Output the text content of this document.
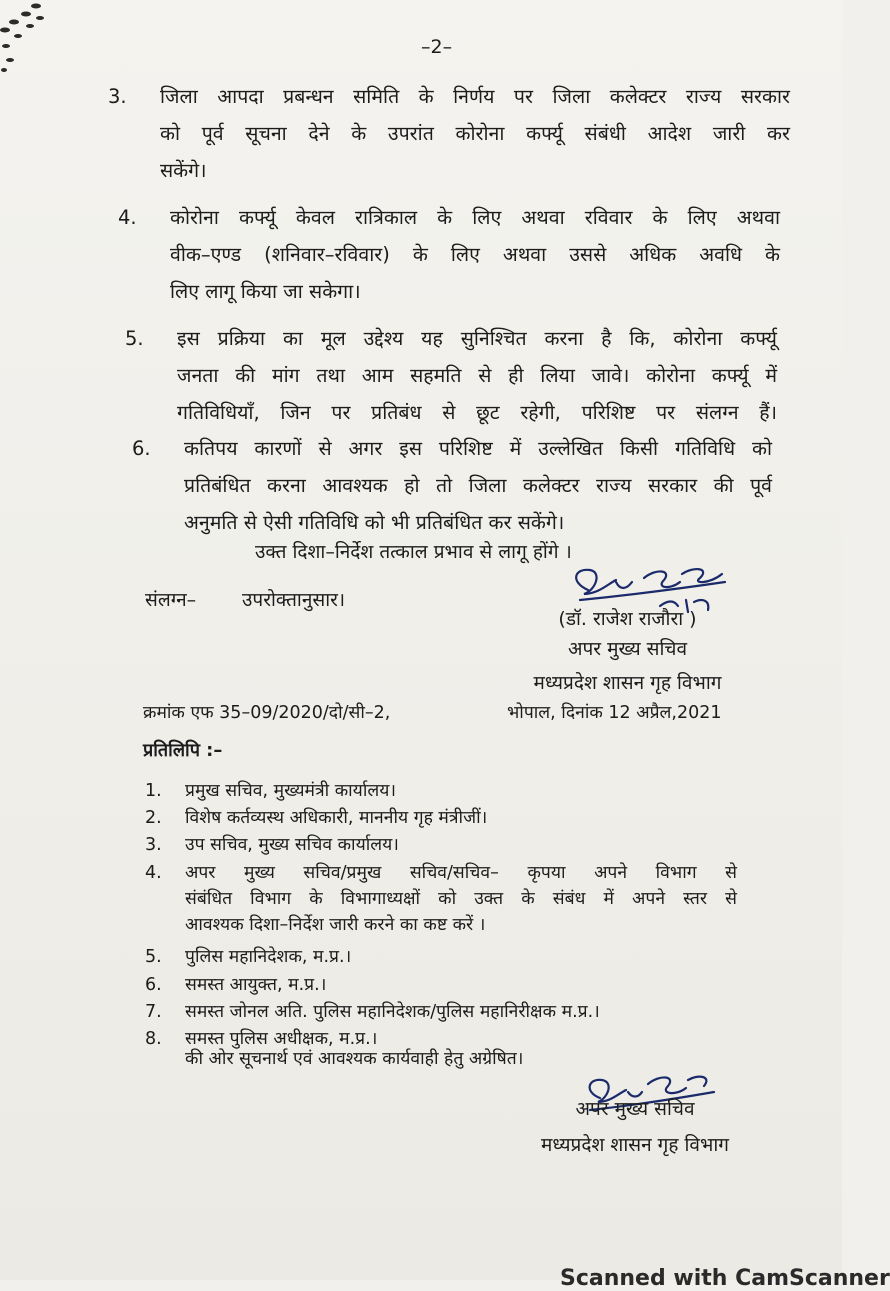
–2–
3. जिला आपदा प्रबन्धन समिति के निर्णय पर जिला कलेक्टर राज्य सरकार
को पूर्व सूचना देने के उपरांत कोरोना कर्फ्यू संबंधी आदेश जारी कर
सकेंगे।
4. कोरोना कर्फ्यू केवल रात्रिकाल के लिए अथवा रविवार के लिए अथवा
वीक–एण्ड (शनिवार–रविवार) के लिए अथवा उससे अधिक अवधि के
लिए लागू किया जा सकेगा।
5. इस प्रक्रिया का मूल उद्देश्य यह सुनिश्चित करना है कि, कोरोना कर्फ्यू
जनता की मांग तथा आम सहमति से ही लिया जावे। कोरोना कर्फ्यू में
गतिविधियाँ, जिन पर प्रतिबंध से छूट रहेगी, परिशिष्ट पर संलग्न हैं।
6. कतिपय कारणों से अगर इस परिशिष्ट में उल्लेखित किसी गतिविधि को
प्रतिबंधित करना आवश्यक हो तो जिला कलेक्टर राज्य सरकार की पूर्व
अनुमति से ऐसी गतिविधि को भी प्रतिबंधित कर सकेंगे।
उक्त दिशा–निर्देश तत्काल प्रभाव से लागू होंगे ।
संलग्न– उपरोक्तानुसार।
(डॉ. राजेश राजौरा )
अपर मुख्य सचिव
मध्यप्रदेश शासन गृह विभाग
क्रमांक एफ 35–09/2020/दो/सी–2,	भोपाल, दिनांक 12 अप्रैल,2021
प्रतिलिपि :–
1. प्रमुख सचिव, मुख्यमंत्री कार्यालय।
2. विशेष कर्तव्यस्थ अधिकारी, माननीय गृह मंत्रीजीं।
3. उप सचिव, मुख्य सचिव कार्यालय।
4. अपर मुख्य सचिव/प्रमुख सचिव/सचिव– कृपया अपने विभाग से
संबंधित विभाग के विभागाध्यक्षों को उक्त के संबंध में अपने स्तर से
आवश्यक दिशा–निर्देश जारी करने का कष्ट करें ।
5. पुलिस महानिदेशक, म.प्र.।
6. समस्त आयुक्त, म.प्र.।
7. समस्त जोनल अति. पुलिस महानिदेशक/पुलिस महानिरीक्षक म.प्र.।
8. समस्त पुलिस अधीक्षक, म.प्र.।
की ओर सूचनार्थ एवं आवश्यक कार्यवाही हेतु अग्रेषित।
अपर मुख्य सचिव
मध्यप्रदेश शासन गृह विभाग
Scanned with CamScanner
